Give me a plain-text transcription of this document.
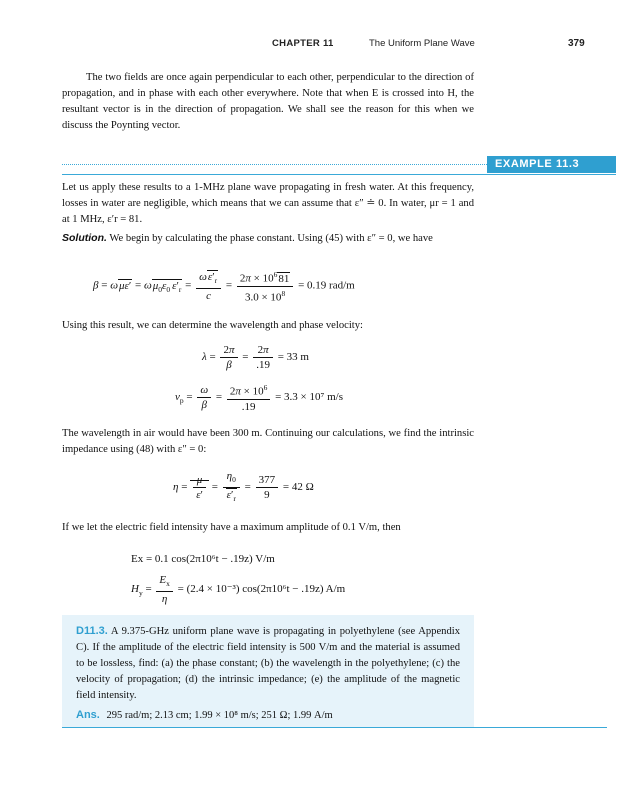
CHAPTER 11	The Uniform Plane Wave	379

The two fields are once again perpendicular to each other, perpendicular to the direction of propagation, and in phase with each other everywhere. Note that when E is crossed into H, the resultant vector is in the direction of propagation. We shall see the reason for this when we discuss the Poynting vector.

EXAMPLE 11.3

Let us apply these results to a 1-MHz plane wave propagating in fresh water. At this frequency, losses in water are negligible, which means that we can assume that ε″ ≐ 0. In water, μr = 1 and at 1 MHz, ε′r = 81.

Solution. We begin by calculating the phase constant. Using (45) with ε″ = 0, we have

$\beta = \omega\mu\varepsilon' = \omega\mu_0\varepsilon_0$ $\varepsilon'_r = \frac{\omega\varepsilon'_r}{c} = \frac{2\pi \times 10^681}{3.0 \times 10^8} = 0.19$ rad/m

Using this result, we can determine the wavelength and phase velocity:

$\lambda = \frac{2\pi}{\beta} = \frac{2\pi}{.19} = 33$ m
$v_p = \frac{\omega}{\beta} = \frac{2\pi \times 10^6}{.19} = 3.3 \times 10^7$ m/s

The wavelength in air would have been 300 m. Continuing our calculations, we find the intrinsic impedance using (48) with ε″ = 0:

$\eta = \frac{\mu}{\varepsilon'} = \frac{\eta_0}{\varepsilon'_r} = \frac{377}{9} = 42$ Ω

If we let the electric field intensity have a maximum amplitude of 0.1 V/m, then

Ex = 0.1 cos(2π10⁶t − .19z) V/m
$H_y = \frac{E_x}{\eta} = (2.4 \times 10^{-3}) \cos(2\pi 10^6t - .19z)$ A/m

D11.3. A 9.375-GHz uniform plane wave is propagating in polyethylene (see Appendix C). If the amplitude of the electric field intensity is 500 V/m and the material is assumed to be lossless, find: (a) the phase constant; (b) the wavelength in the polyethylene; (c) the velocity of propagation; (d) the intrinsic impedance; (e) the amplitude of the magnetic field intensity.

Ans. 295 rad/m; 2.13 cm; 1.99 × 10⁸ m/s; 251 Ω; 1.99 A/m
